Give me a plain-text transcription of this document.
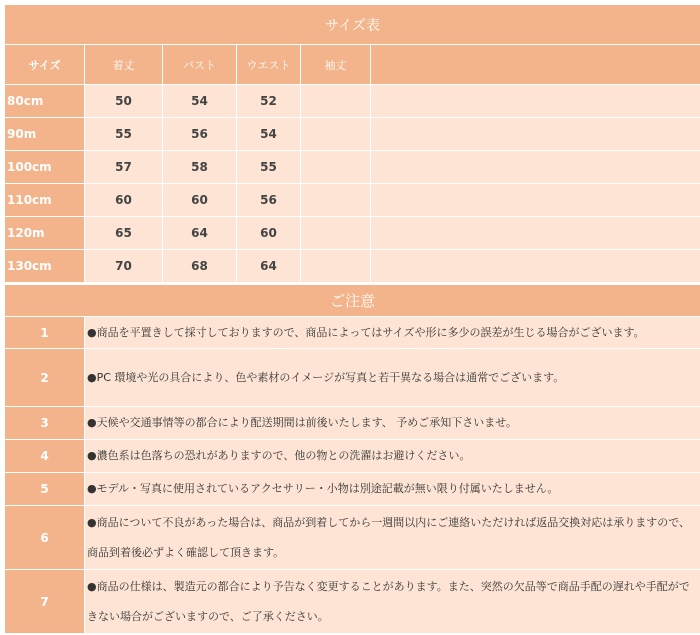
サイズ表					
サイズ	着丈	バスト	ウエスト	袖丈	
80cm	50	54	52		
90m	55	56	54		
100cm	57	58	55		
110cm	60	60	56		
120m	65	64	60		
130cm	70	68	64		
ご注意	
1	●商品を平置きして採寸しておりますので、商品によってはサイズや形に多少の誤差が生じる場合がございます。
2	●PC 環境や光の具合により、色や素材のイメージが写真と若干異なる場合は通常でございます。
3	●天候や交通事情等の都合により配送期間は前後いたします、 予めご承知下さいませ。
4	●濃色系は色落ちの恐れがありますので、他の物との洗濯はお避けください。
5	●モデル・写真に使用されているアクセサリー・小物は別途記載が無い限り付属いたしません。
6	●商品について不良があった場合は、商品が到着してから一週間以内にご連絡いただければ返品交換対応は承りますので、商品到着後必ずよく確認して頂きます。
7	●商品の仕様は、製造元の都合により予告なく変更することがあります。また、突然の欠品等で商品手配の遅れや手配ができない場合がございますので、ご了承ください。
